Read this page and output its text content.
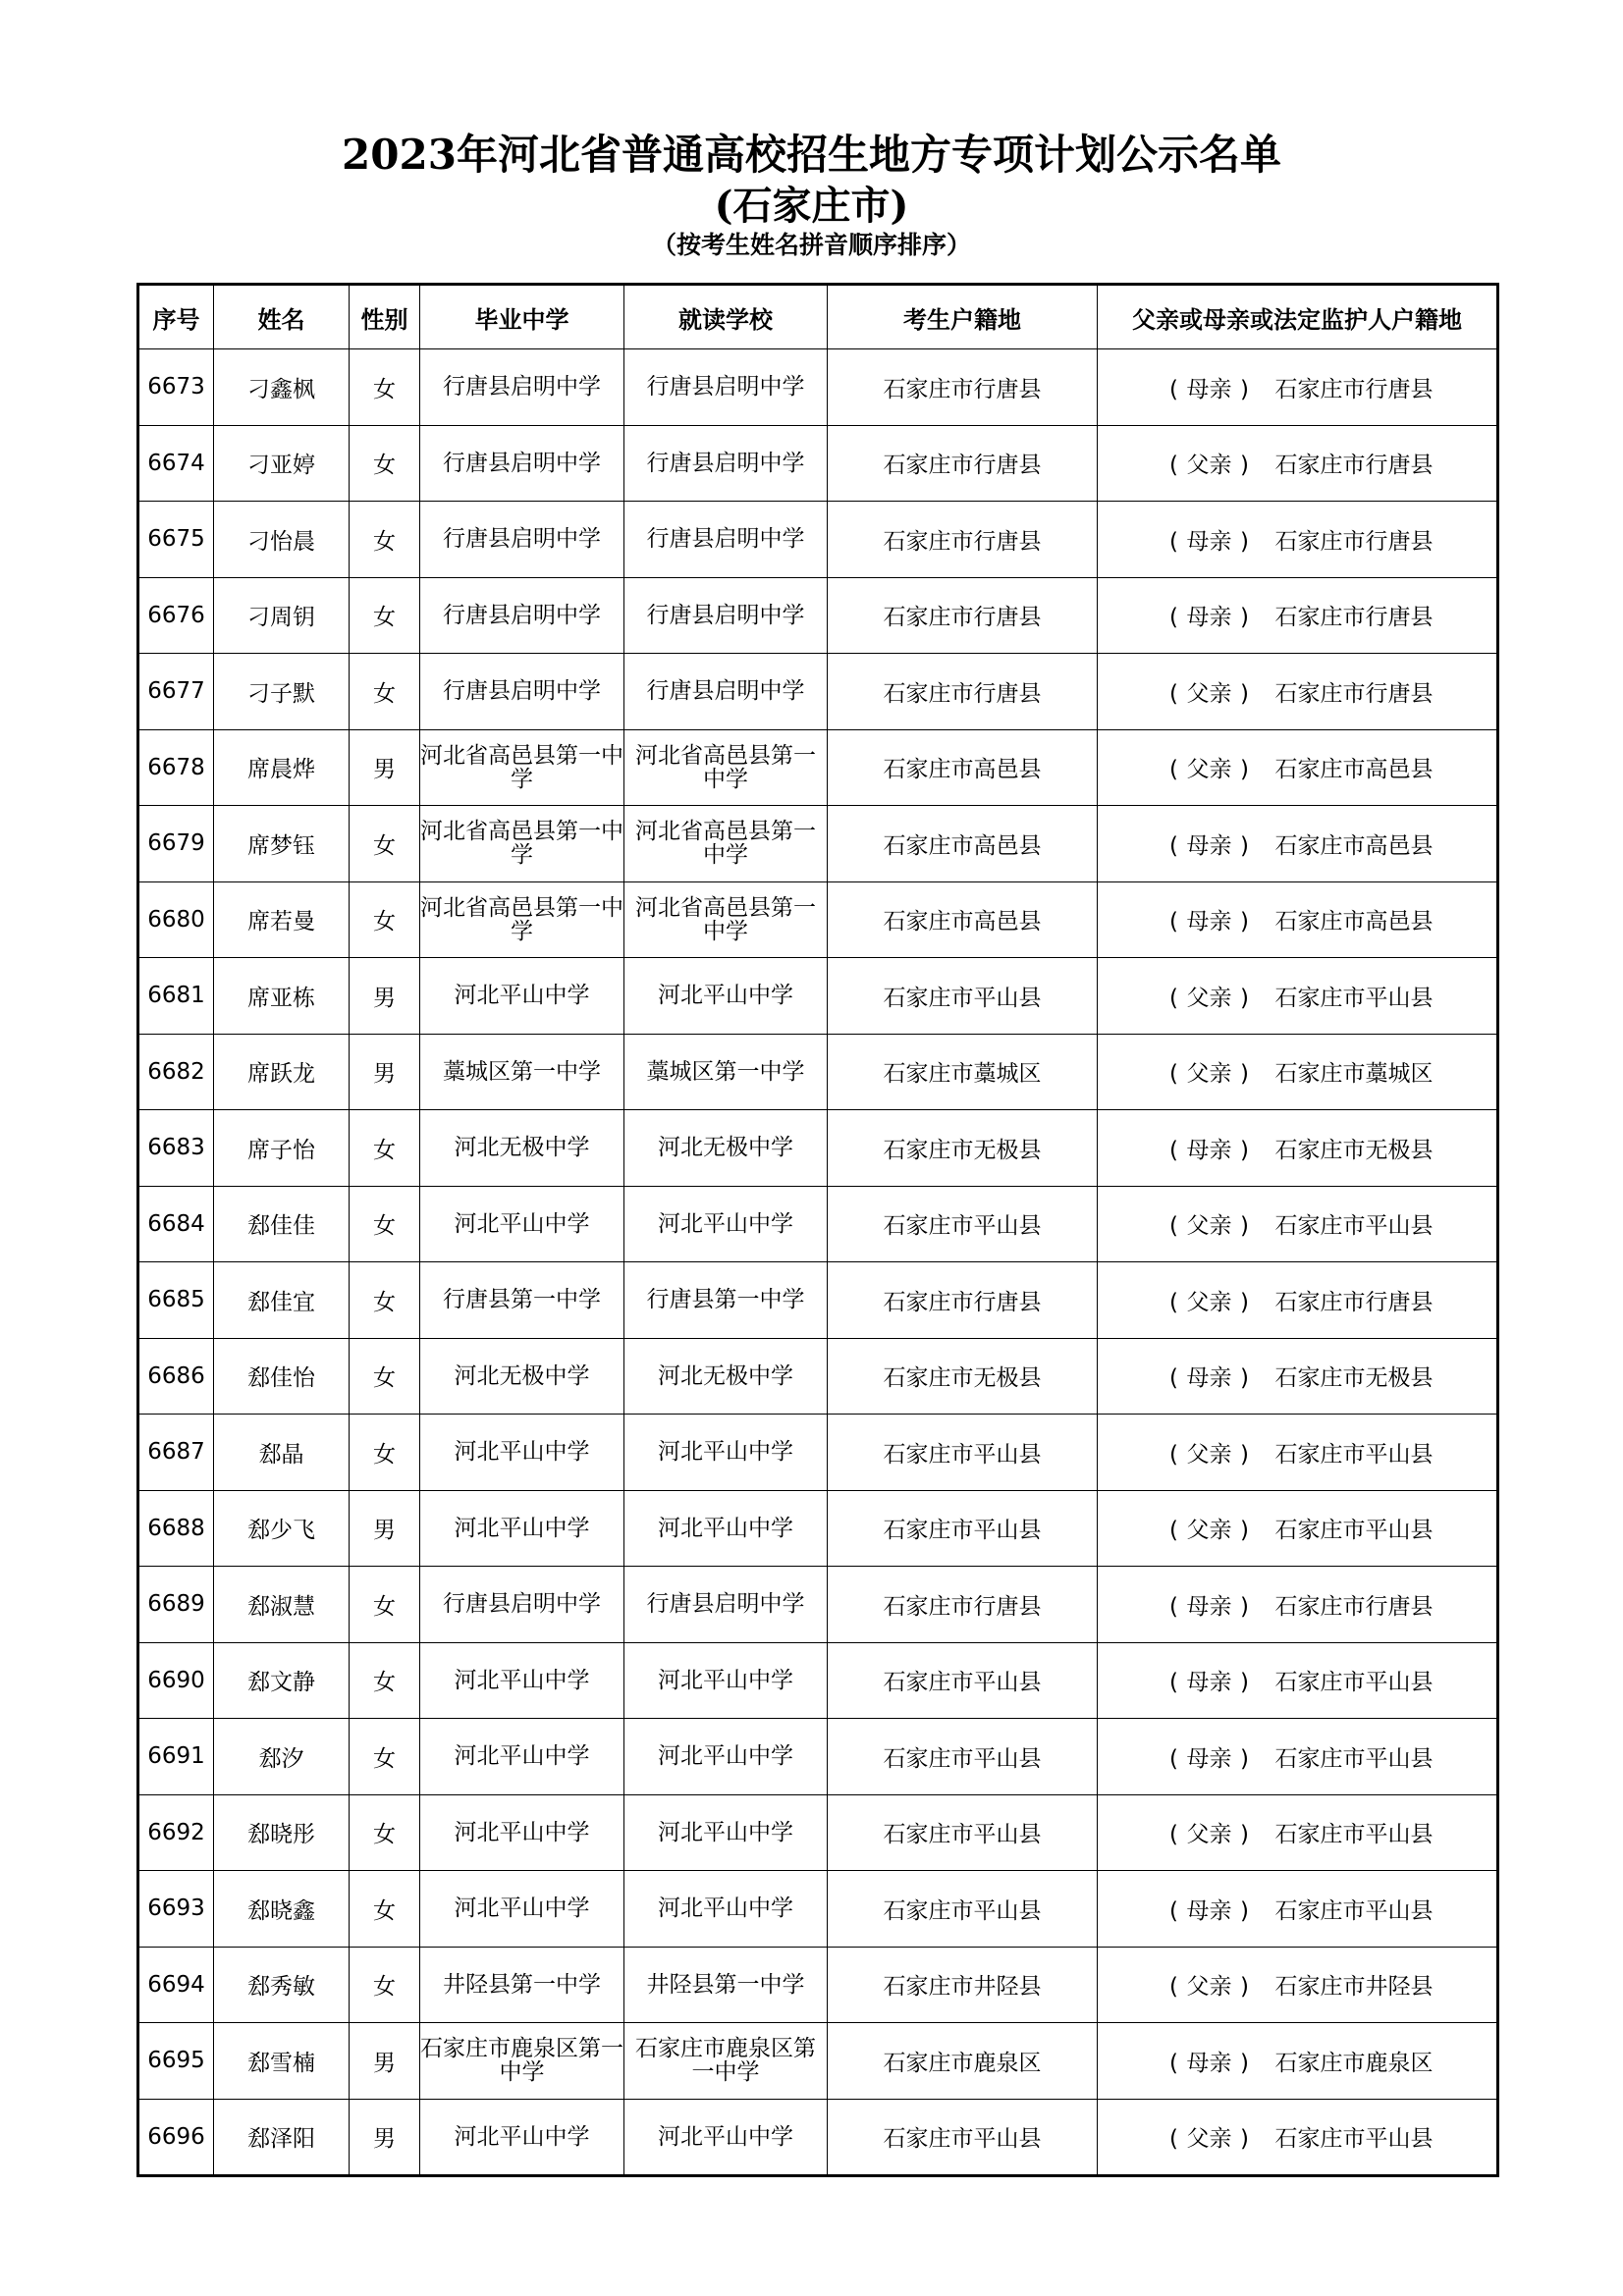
2023年河北省普通高校招生地方专项计划公示名单
(石家庄市)
（按考生姓名拼音顺序排序）
序号	姓名	性别	毕业中学	就读学校	考生户籍地	父亲或母亲或法定监护人户籍地
6673	刁鑫枫	女	行唐县启明中学	行唐县启明中学	石家庄市行唐县	( 母亲 ) 石家庄市行唐县
6674	刁亚婷	女	行唐县启明中学	行唐县启明中学	石家庄市行唐县	( 父亲 ) 石家庄市行唐县
6675	刁怡晨	女	行唐县启明中学	行唐县启明中学	石家庄市行唐县	( 母亲 ) 石家庄市行唐县
6676	刁周钥	女	行唐县启明中学	行唐县启明中学	石家庄市行唐县	( 母亲 ) 石家庄市行唐县
6677	刁子默	女	行唐县启明中学	行唐县启明中学	石家庄市行唐县	( 父亲 ) 石家庄市行唐县
6678	席晨烨	男	河北省高邑县第一中学	河北省高邑县第一中学	石家庄市高邑县	( 父亲 ) 石家庄市高邑县
6679	席梦钰	女	河北省高邑县第一中学	河北省高邑县第一中学	石家庄市高邑县	( 母亲 ) 石家庄市高邑县
6680	席若曼	女	河北省高邑县第一中学	河北省高邑县第一中学	石家庄市高邑县	( 母亲 ) 石家庄市高邑县
6681	席亚栋	男	河北平山中学	河北平山中学	石家庄市平山县	( 父亲 ) 石家庄市平山县
6682	席跃龙	男	藁城区第一中学	藁城区第一中学	石家庄市藁城区	( 父亲 ) 石家庄市藁城区
6683	席子怡	女	河北无极中学	河北无极中学	石家庄市无极县	( 母亲 ) 石家庄市无极县
6684	郄佳佳	女	河北平山中学	河北平山中学	石家庄市平山县	( 父亲 ) 石家庄市平山县
6685	郄佳宜	女	行唐县第一中学	行唐县第一中学	石家庄市行唐县	( 父亲 ) 石家庄市行唐县
6686	郄佳怡	女	河北无极中学	河北无极中学	石家庄市无极县	( 母亲 ) 石家庄市无极县
6687	郄晶	女	河北平山中学	河北平山中学	石家庄市平山县	( 父亲 ) 石家庄市平山县
6688	郄少飞	男	河北平山中学	河北平山中学	石家庄市平山县	( 父亲 ) 石家庄市平山县
6689	郄淑慧	女	行唐县启明中学	行唐县启明中学	石家庄市行唐县	( 母亲 ) 石家庄市行唐县
6690	郄文静	女	河北平山中学	河北平山中学	石家庄市平山县	( 母亲 ) 石家庄市平山县
6691	郄汐	女	河北平山中学	河北平山中学	石家庄市平山县	( 母亲 ) 石家庄市平山县
6692	郄晓彤	女	河北平山中学	河北平山中学	石家庄市平山县	( 父亲 ) 石家庄市平山县
6693	郄晓鑫	女	河北平山中学	河北平山中学	石家庄市平山县	( 母亲 ) 石家庄市平山县
6694	郄秀敏	女	井陉县第一中学	井陉县第一中学	石家庄市井陉县	( 父亲 ) 石家庄市井陉县
6695	郄雪楠	男	石家庄市鹿泉区第一中学	石家庄市鹿泉区第一中学	石家庄市鹿泉区	( 母亲 ) 石家庄市鹿泉区
6696	郄泽阳	男	河北平山中学	河北平山中学	石家庄市平山县	( 父亲 ) 石家庄市平山县
